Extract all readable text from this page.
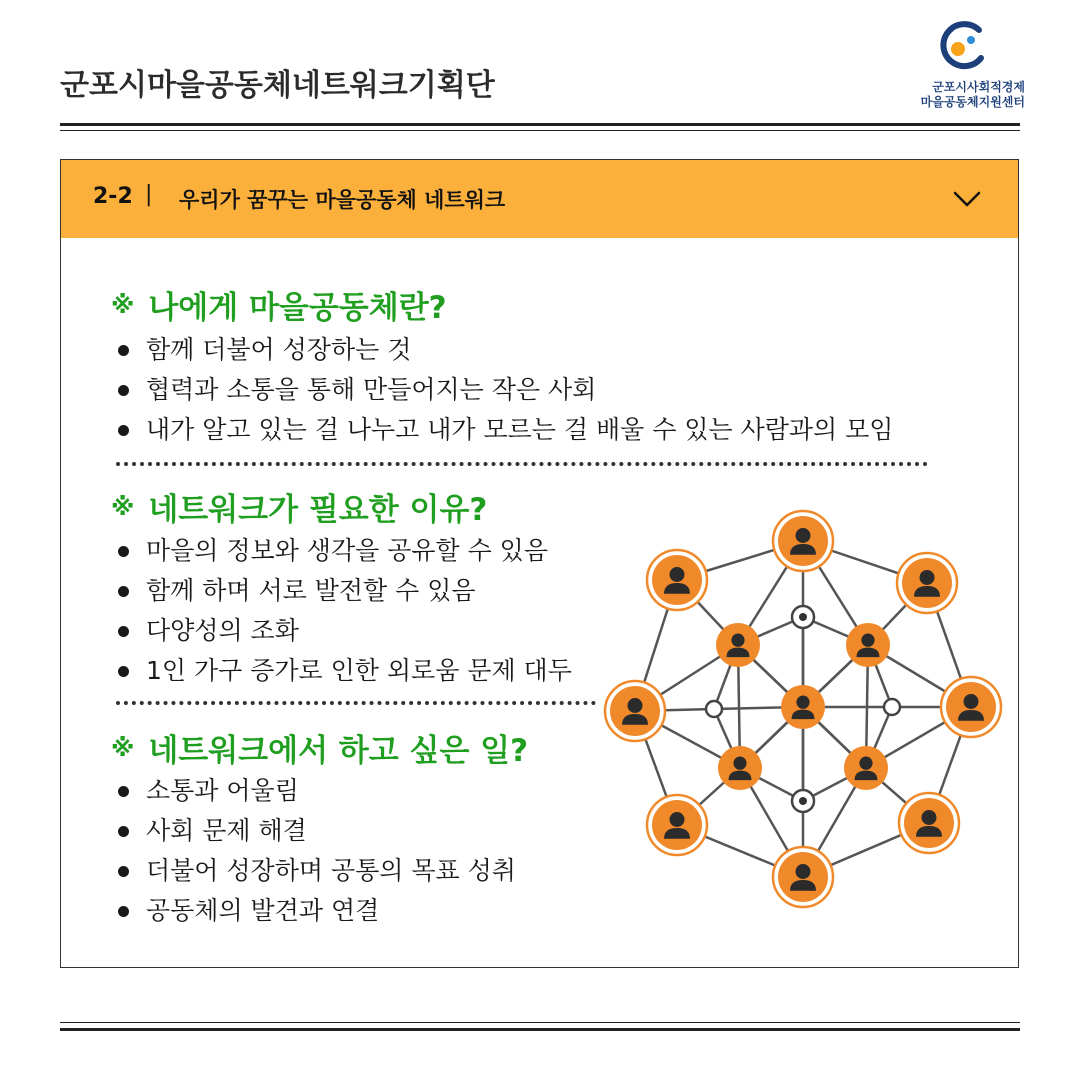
군포시마을공동체네트워크기획단	군포시사회적경제
마을공동체지원센터
2-2 | 우리가 꿈꾸는 마을공동체 네트워크
※ 나에게 마을공동체란?
함께 더불어 성장하는 것
협력과 소통을 통해 만들어지는 작은 사회
내가 알고 있는 걸 나누고 내가 모르는 걸 배울 수 있는 사람과의 모임
※ 네트워크가 필요한 이유?
마을의 정보와 생각을 공유할 수 있음
함께 하며 서로 발전할 수 있음
다양성의 조화
1인 가구 증가로 인한 외로움 문제 대두
※ 네트워크에서 하고 싶은 일?
소통과 어울림
사회 문제 해결
더불어 성장하며 공통의 목표 성취
공동체의 발견과 연결
